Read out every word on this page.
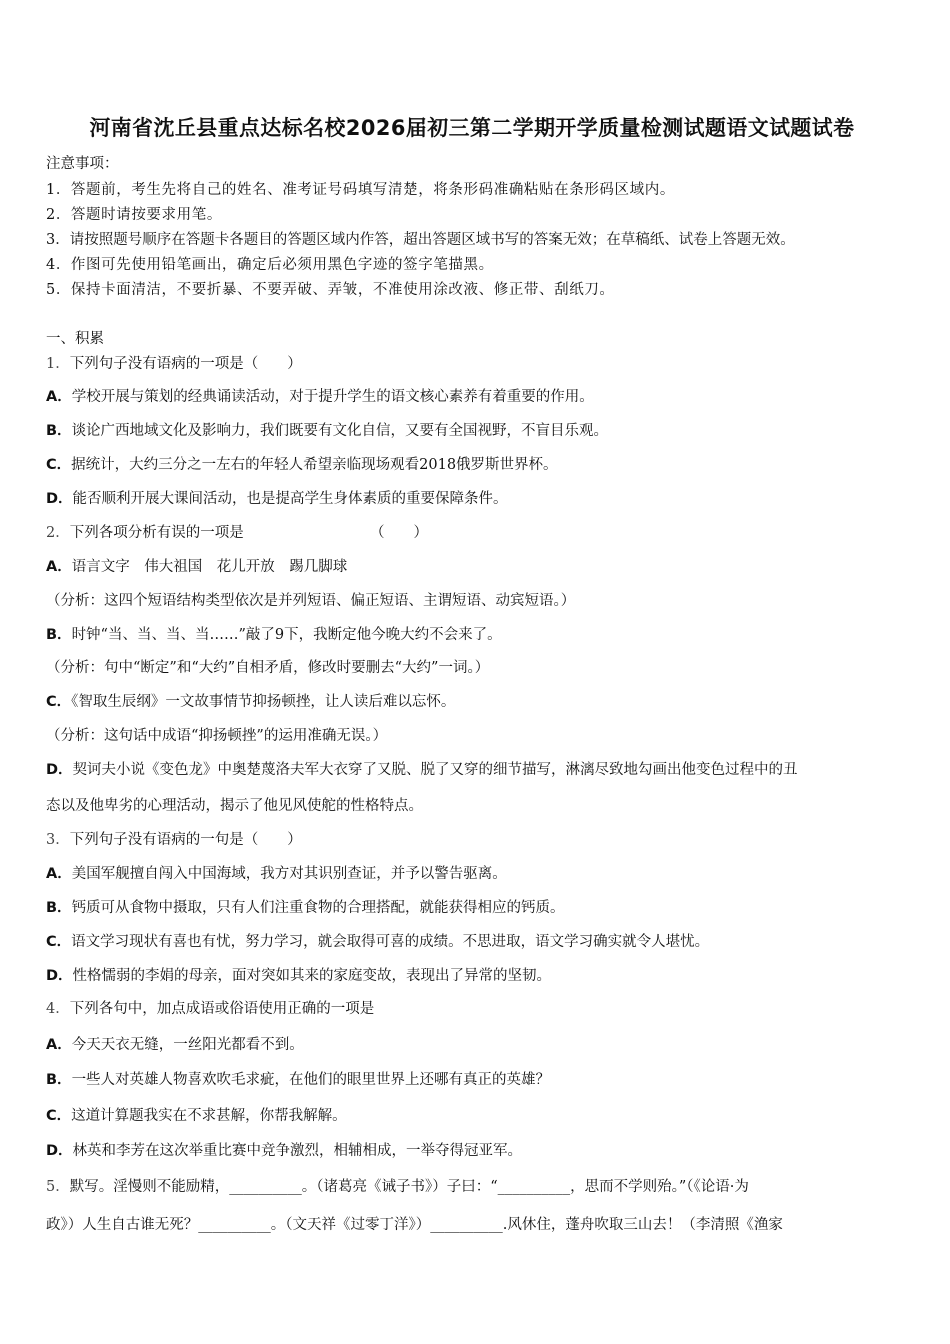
河南省沈丘县重点达标名校2026届初三第二学期开学质量检测试题语文试题试卷
注意事项：
1．答题前，考生先将自己的姓名、准考证号码填写清楚，将条形码准确粘贴在条形码区域内。
2．答题时请按要求用笔。
3．请按照题号顺序在答题卡各题目的答题区域内作答，超出答题区域书写的答案无效；在草稿纸、试卷上答题无效。
4．作图可先使用铅笔画出，确定后必须用黑色字迹的签字笔描黑。
5．保持卡面清洁，不要折暴、不要弄破、弄皱，不准使用涂改液、修正带、刮纸刀。
一、积累
1．下列句子没有语病的一项是（　　）
A．学校开展与策划的经典诵读活动，对于提升学生的语文核心素养有着重要的作用。
B．谈论广西地域文化及影响力，我们既要有文化自信，又要有全国视野，不盲目乐观。
C．据统计，大约三分之一左右的年轻人希望亲临现场观看2018俄罗斯世界杯。
D．能否顺利开展大课间活动，也是提高学生身体素质的重要保障条件。
2．下列各项分析有误的一项是	（　　）
A．语言文字　伟大祖国　花儿开放　踢几脚球
（分析：这四个短语结构类型依次是并列短语、偏正短语、主谓短语、动宾短语。）
B．时钟“当、当、当、当……”敲了9下，我断定他今晚大约不会来了。
（分析：句中“断定”和“大约”自相矛盾，修改时要删去“大约”一词。）
C．《智取生辰纲》一文故事情节抑扬顿挫，让人读后难以忘怀。
（分析：这句话中成语“抑扬顿挫”的运用准确无误。）
D．契诃夫小说《变色龙》中奥楚蔑洛夫军大衣穿了又脱、脱了又穿的细节描写，淋漓尽致地勾画出他变色过程中的丑
态以及他卑劣的心理活动，揭示了他见风使舵的性格特点。
3．下列句子没有语病的一句是（　　）
A．美国军舰擅自闯入中国海域，我方对其识别查证，并予以警告驱离。
B．钙质可从食物中摄取，只有人们注重食物的合理搭配，就能获得相应的钙质。
C．语文学习现状有喜也有忧，努力学习，就会取得可喜的成绩。不思进取，语文学习确实就令人堪忧。
D．性格懦弱的李娟的母亲，面对突如其来的家庭变故，表现出了异常的坚韧。
4．下列各句中，加点成语或俗语使用正确的一项是
A．今天天衣无缝，一丝阳光都看不到。
B．一些人对英雄人物喜欢吹毛求疵，在他们的眼里世界上还哪有真正的英雄？
C．这道计算题我实在不求甚解，你帮我解解。
D．林英和李芳在这次举重比赛中竞争激烈，相辅相成，一举夺得冠亚军。
5．默写。淫慢则不能励精，__________。（诸葛亮《诫子书》）子曰：“__________，思而不学则殆。”（《论语·为
政》）人生自古谁无死？__________。（文天祥《过零丁洋》）__________.风休住，蓬舟吹取三山去！（李清照《渔家
